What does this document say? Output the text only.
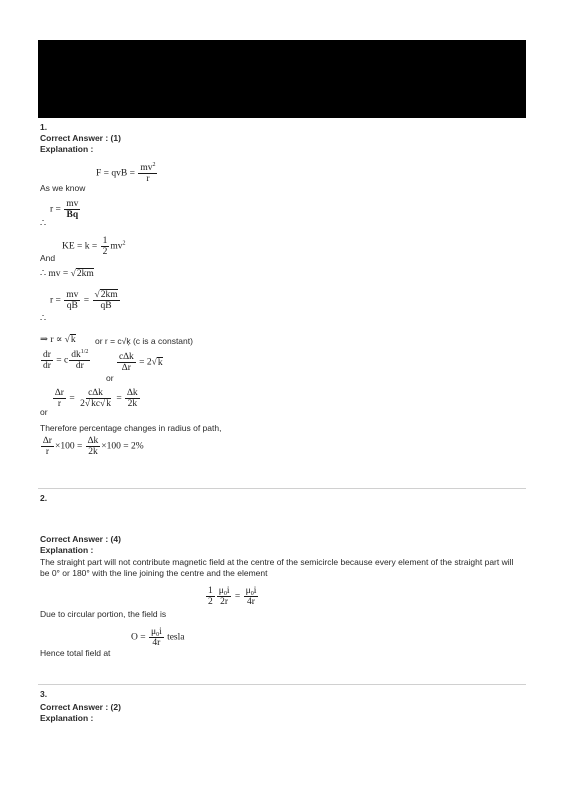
1.
Correct Answer : (1)
Explanation :
F = qvB = $\frac{mv^2}{r}$
As we know
$r = \frac{mv}{Bq}$
∴
KE = $k = \frac{1}{2} mv^2$
And
∴ mv = √2km
$r = \frac{mv}{qB} = \frac{√2km}{qB}$
∴
⇒ r ∝ √k or r = c√ķ (c is a constant)
$\frac{dr}{dr} = c \frac{dk^{1/2}}{dr}$
or
$\frac{c\Delta k}{\Delta r} = 2√k$
$\frac{\Delta r}{r} = \frac{c\Delta k}{2√kc√k} = \frac{\Delta k}{2k}$
or
Therefore percentage changes in radius of path,
$\frac{\Delta r}{r} \times 100 = \frac{\Delta k}{2k} \times 100 = 2\%$
2.
Correct Answer : (4)
Explanation :
The straight part will not contribute magnetic field at the centre of the semicircle because every element of the straight part will be 0° or 180° with the line joining the centre and the element
$\frac{1}{2} \frac{\mu_0i}{2r} = \frac{\mu_0i}{4r}$
Due to circular portion, the field is
$O = \frac{\mu_0i}{4r}$ tesla
Hence total field at
3.
Correct Answer : (2)
Explanation :
